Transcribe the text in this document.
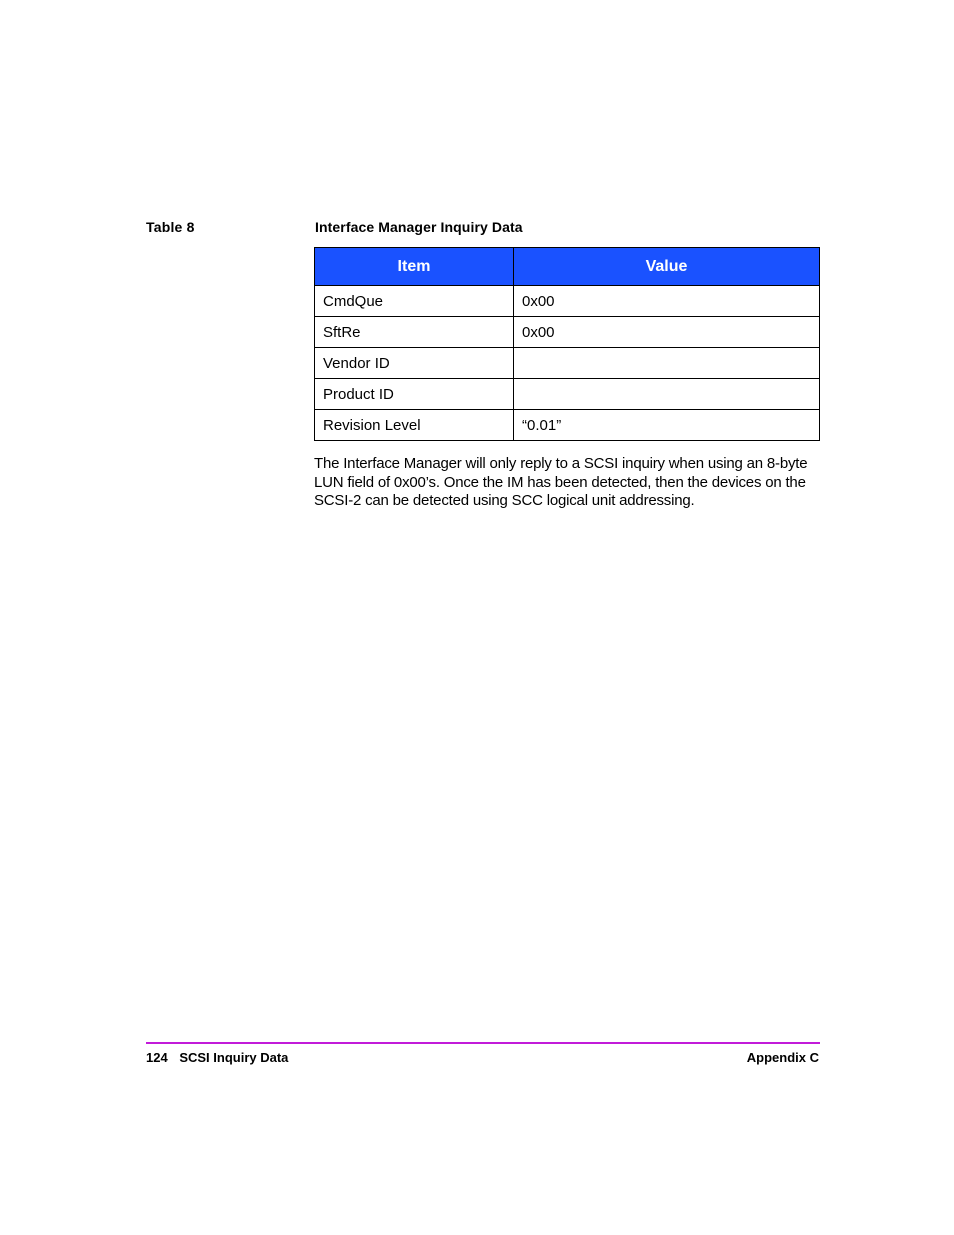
Table 8	Interface Manager Inquiry Data
Item	Value
CmdQue	0x00
SftRe	0x00
Vendor ID	
Product ID	
Revision Level	“0.01”
The Interface Manager will only reply to a SCSI inquiry when using an 8-byte LUN field of 0x00’s. Once the IM has been detected, then the devices on the SCSI-2 can be detected using SCC logical unit addressing.
124 SCSI Inquiry Data	Appendix C
